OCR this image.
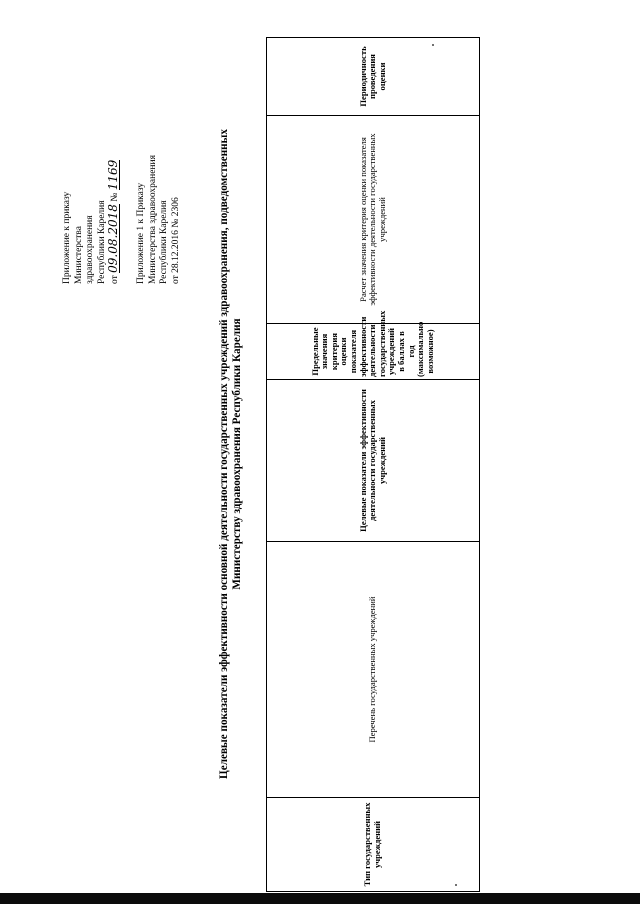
Приложение к приказу Министерства здравоохранения Республики Карелия от 09.08.2018 № 1169
Приложение 1 к Приказу Министерства здравоохранения Республики Карелия от 28.12.2016 № 2306	Целевые показатели эффективности основной деятельности государственных учреждений здравоохранения, подведомственных Министерству здравоохранения Республики Карелия
Тип государственных учреждений	Перечень государственных учреждений	Целевые показатели эффективности деятельности государственных учреждений	Предельные значения критерия оценки показателя эффективности деятельности государственных учреждений в баллах в год (максимально возможное)	Расчет значения критерия оценки показателя эффективности деятельности государственных учреждений	Периодичность проведения оценки
